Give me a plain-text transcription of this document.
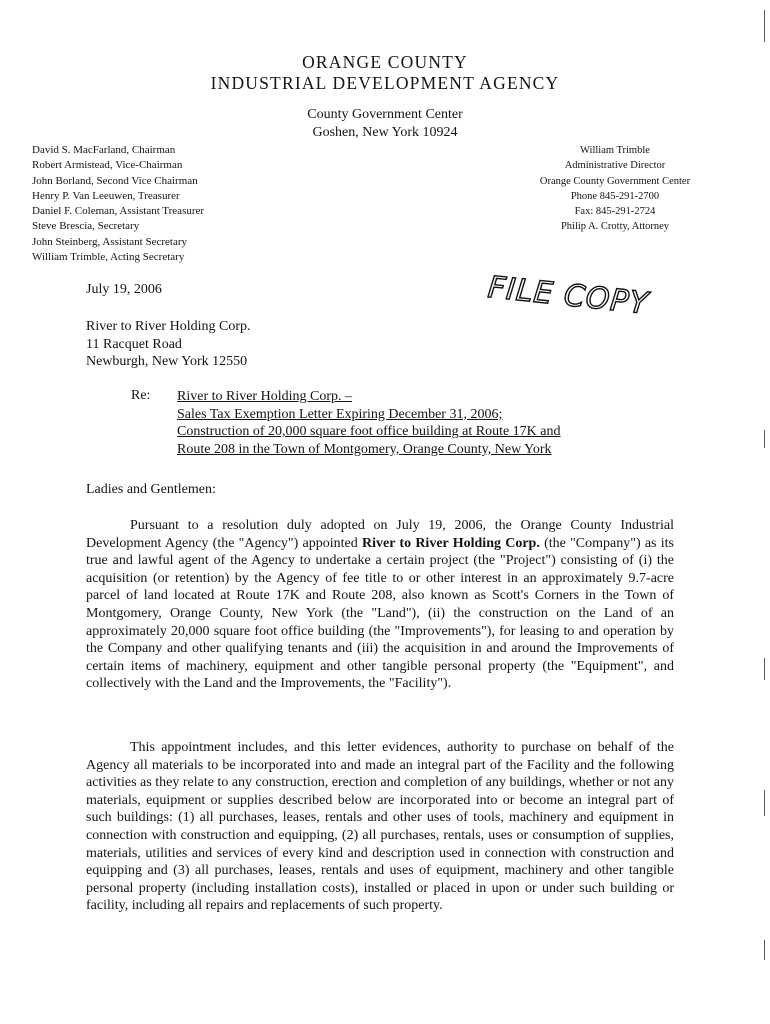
ORANGE COUNTY
INDUSTRIAL DEVELOPMENT AGENCY
County Government Center
Goshen, New York 10924
David S. MacFarland, Chairman
Robert Armistead, Vice-Chairman
John Borland, Second Vice Chairman
Henry P. Van Leeuwen, Treasurer
Daniel F. Coleman, Assistant Treasurer
Steve Brescia, Secretary
John Steinberg, Assistant Secretary
William Trimble, Acting Secretary
William Trimble
Administrative Director
Orange County Government Center
Phone 845-291-2700
Fax: 845-291-2724
Philip A. Crotty, Attorney
FILE COPY
July 19, 2006
River to River Holding Corp.
11 Racquet Road
Newburgh, New York 12550
Re: River to River Holding Corp. –
Sales Tax Exemption Letter Expiring December 31, 2006;
Construction of 20,000 square foot office building at Route 17K and
Route 208 in the Town of Montgomery, Orange County, New York
Ladies and Gentlemen:
Pursuant to a resolution duly adopted on July 19, 2006, the Orange County Industrial Development Agency (the "Agency") appointed River to River Holding Corp. (the "Company") as its true and lawful agent of the Agency to undertake a certain project (the "Project") consisting of (i) the acquisition (or retention) by the Agency of fee title to or other interest in an approximately 9.7-acre parcel of land located at Route 17K and Route 208, also known as Scott's Corners in the Town of Montgomery, Orange County, New York (the "Land"), (ii) the construction on the Land of an approximately 20,000 square foot office building (the "Improvements"), for leasing to and operation by the Company and other qualifying tenants and (iii) the acquisition in and around the Improvements of certain items of machinery, equipment and other tangible personal property (the "Equipment", and collectively with the Land and the Improvements, the "Facility").
This appointment includes, and this letter evidences, authority to purchase on behalf of the Agency all materials to be incorporated into and made an integral part of the Facility and the following activities as they relate to any construction, erection and completion of any buildings, whether or not any materials, equipment or supplies described below are incorporated into or become an integral part of such buildings: (1) all purchases, leases, rentals and other uses of tools, machinery and equipment in connection with construction and equipping, (2) all purchases, rentals, uses or consumption of supplies, materials, utilities and services of every kind and description used in connection with construction and equipping and (3) all purchases, leases, rentals and uses of equipment, machinery and other tangible personal property (including installation costs), installed or placed in upon or under such building or facility, including all repairs and replacements of such property.
